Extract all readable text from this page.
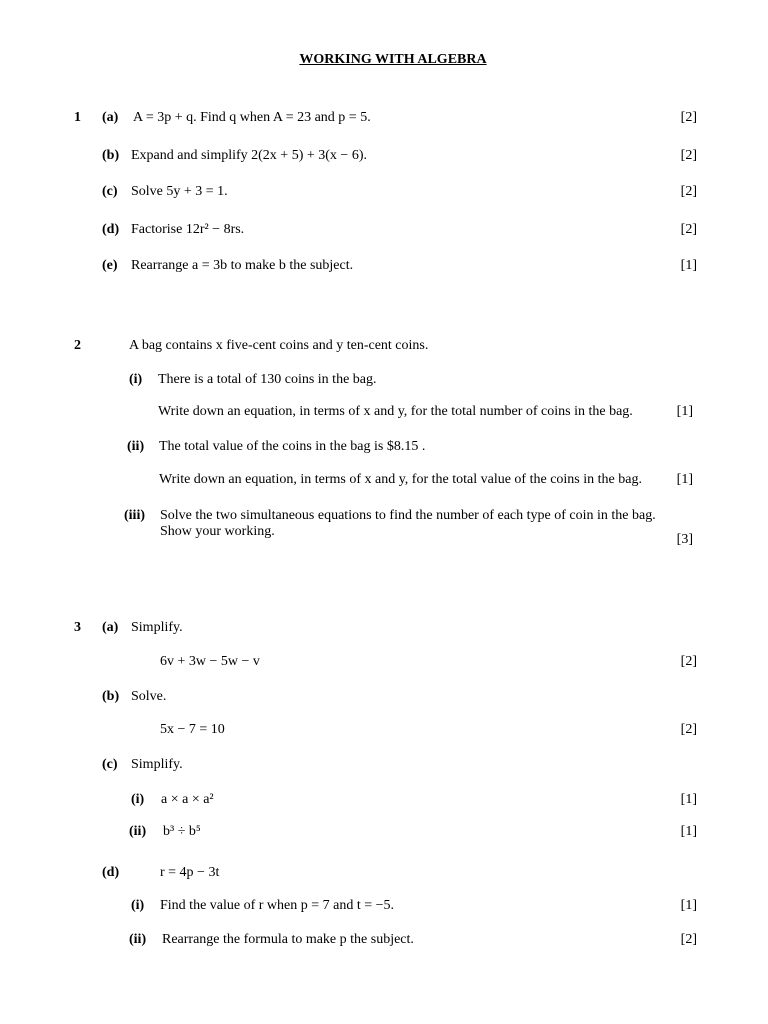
WORKING WITH ALGEBRA
1 (a) A = 3p + q. Find q when A = 23 and p = 5.	[2]
(b) Expand and simplify 2(2x + 5) + 3(x − 6).	[2]
(c) Solve 5y + 3 = 1.	[2]
(d) Factorise 12r² − 8rs.	[2]
(e) Rearrange a = 3b to make b the subject.	[1]
2	A bag contains x five-cent coins and y ten-cent coins.
(i) There is a total of 130 coins in the bag.
Write down an equation, in terms of x and y, for the total number of coins in the bag.	[1]
(ii) The total value of the coins in the bag is $8.15 .
Write down an equation, in terms of x and y, for the total value of the coins in the bag. [1]
(iii) Solve the two simultaneous equations to find the number of each type of coin in the bag.
Show your working.
[3]
3 (a) Simplify.
6v + 3w − 5w − v	[2]
(b) Solve.
5x − 7 = 10	[2]
(c) Simplify.
(i) a × a × a²	[1]
(ii) b³ ÷ b⁵	[1]
(d)	r = 4p − 3t
(i) Find the value of r when p = 7 and t = −5.	[1]
(ii) Rearrange the formula to make p the subject.	[2]
